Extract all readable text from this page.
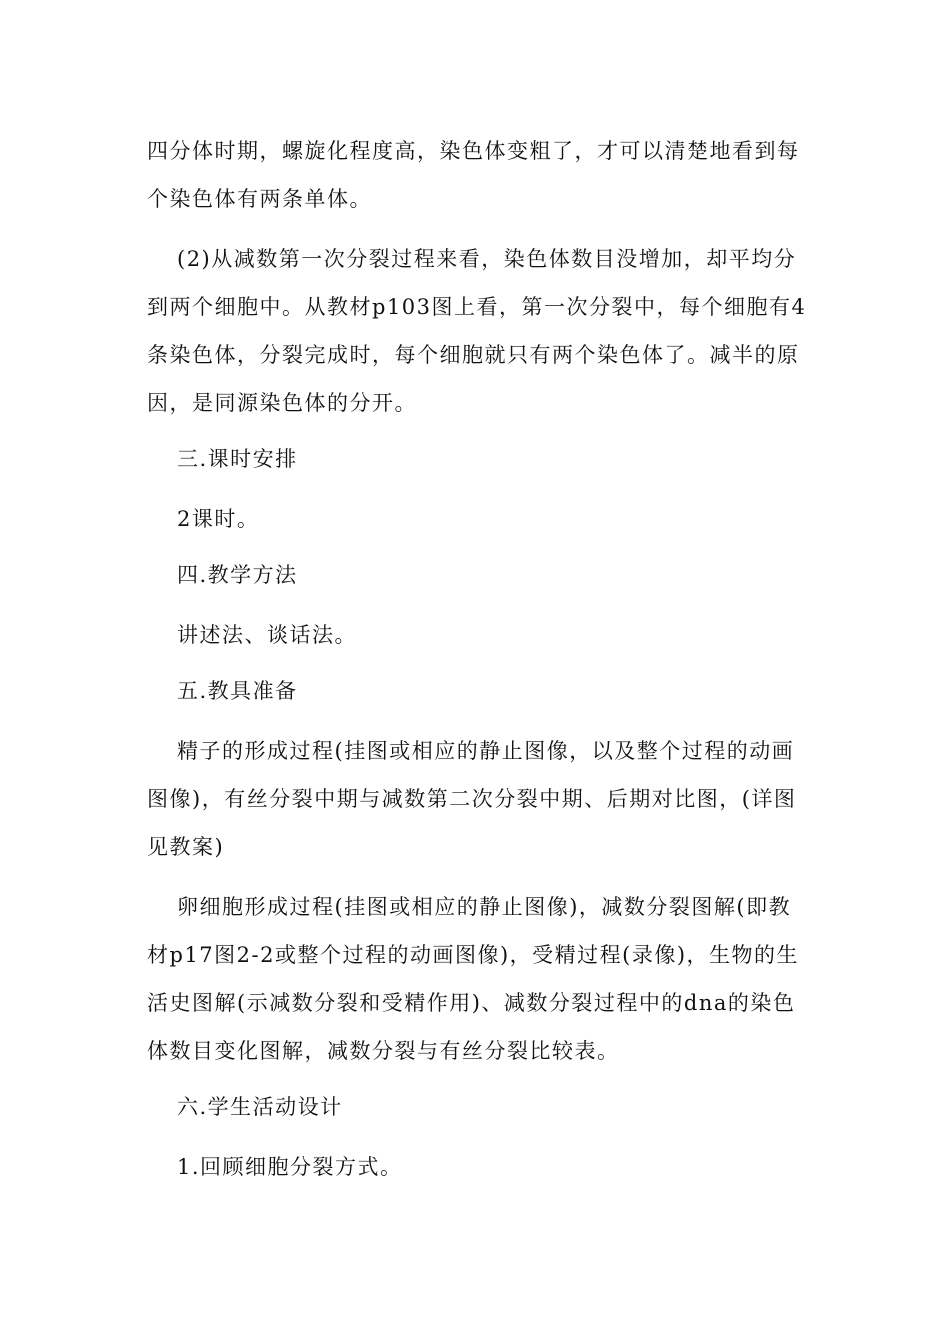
四分体时期，螺旋化程度高，染色体变粗了，才可以清楚地看到每个染色体有两条单体。

(2)从减数第一次分裂过程来看，染色体数目没增加，却平均分到两个细胞中。从教材p103图上看，第一次分裂中，每个细胞有4条染色体，分裂完成时，每个细胞就只有两个染色体了。减半的原因，是同源染色体的分开。

三.课时安排

2课时。

四.教学方法

讲述法、谈话法。

五.教具准备

精子的形成过程(挂图或相应的静止图像，以及整个过程的动画图像)，有丝分裂中期与减数第二次分裂中期、后期对比图，(详图见教案)

卵细胞形成过程(挂图或相应的静止图像)，减数分裂图解(即教材p17图2-2或整个过程的动画图像)，受精过程(录像)，生物的生活史图解(示减数分裂和受精作用)、减数分裂过程中的dna的染色体数目变化图解，减数分裂与有丝分裂比较表。

六.学生活动设计

1.回顾细胞分裂方式。
